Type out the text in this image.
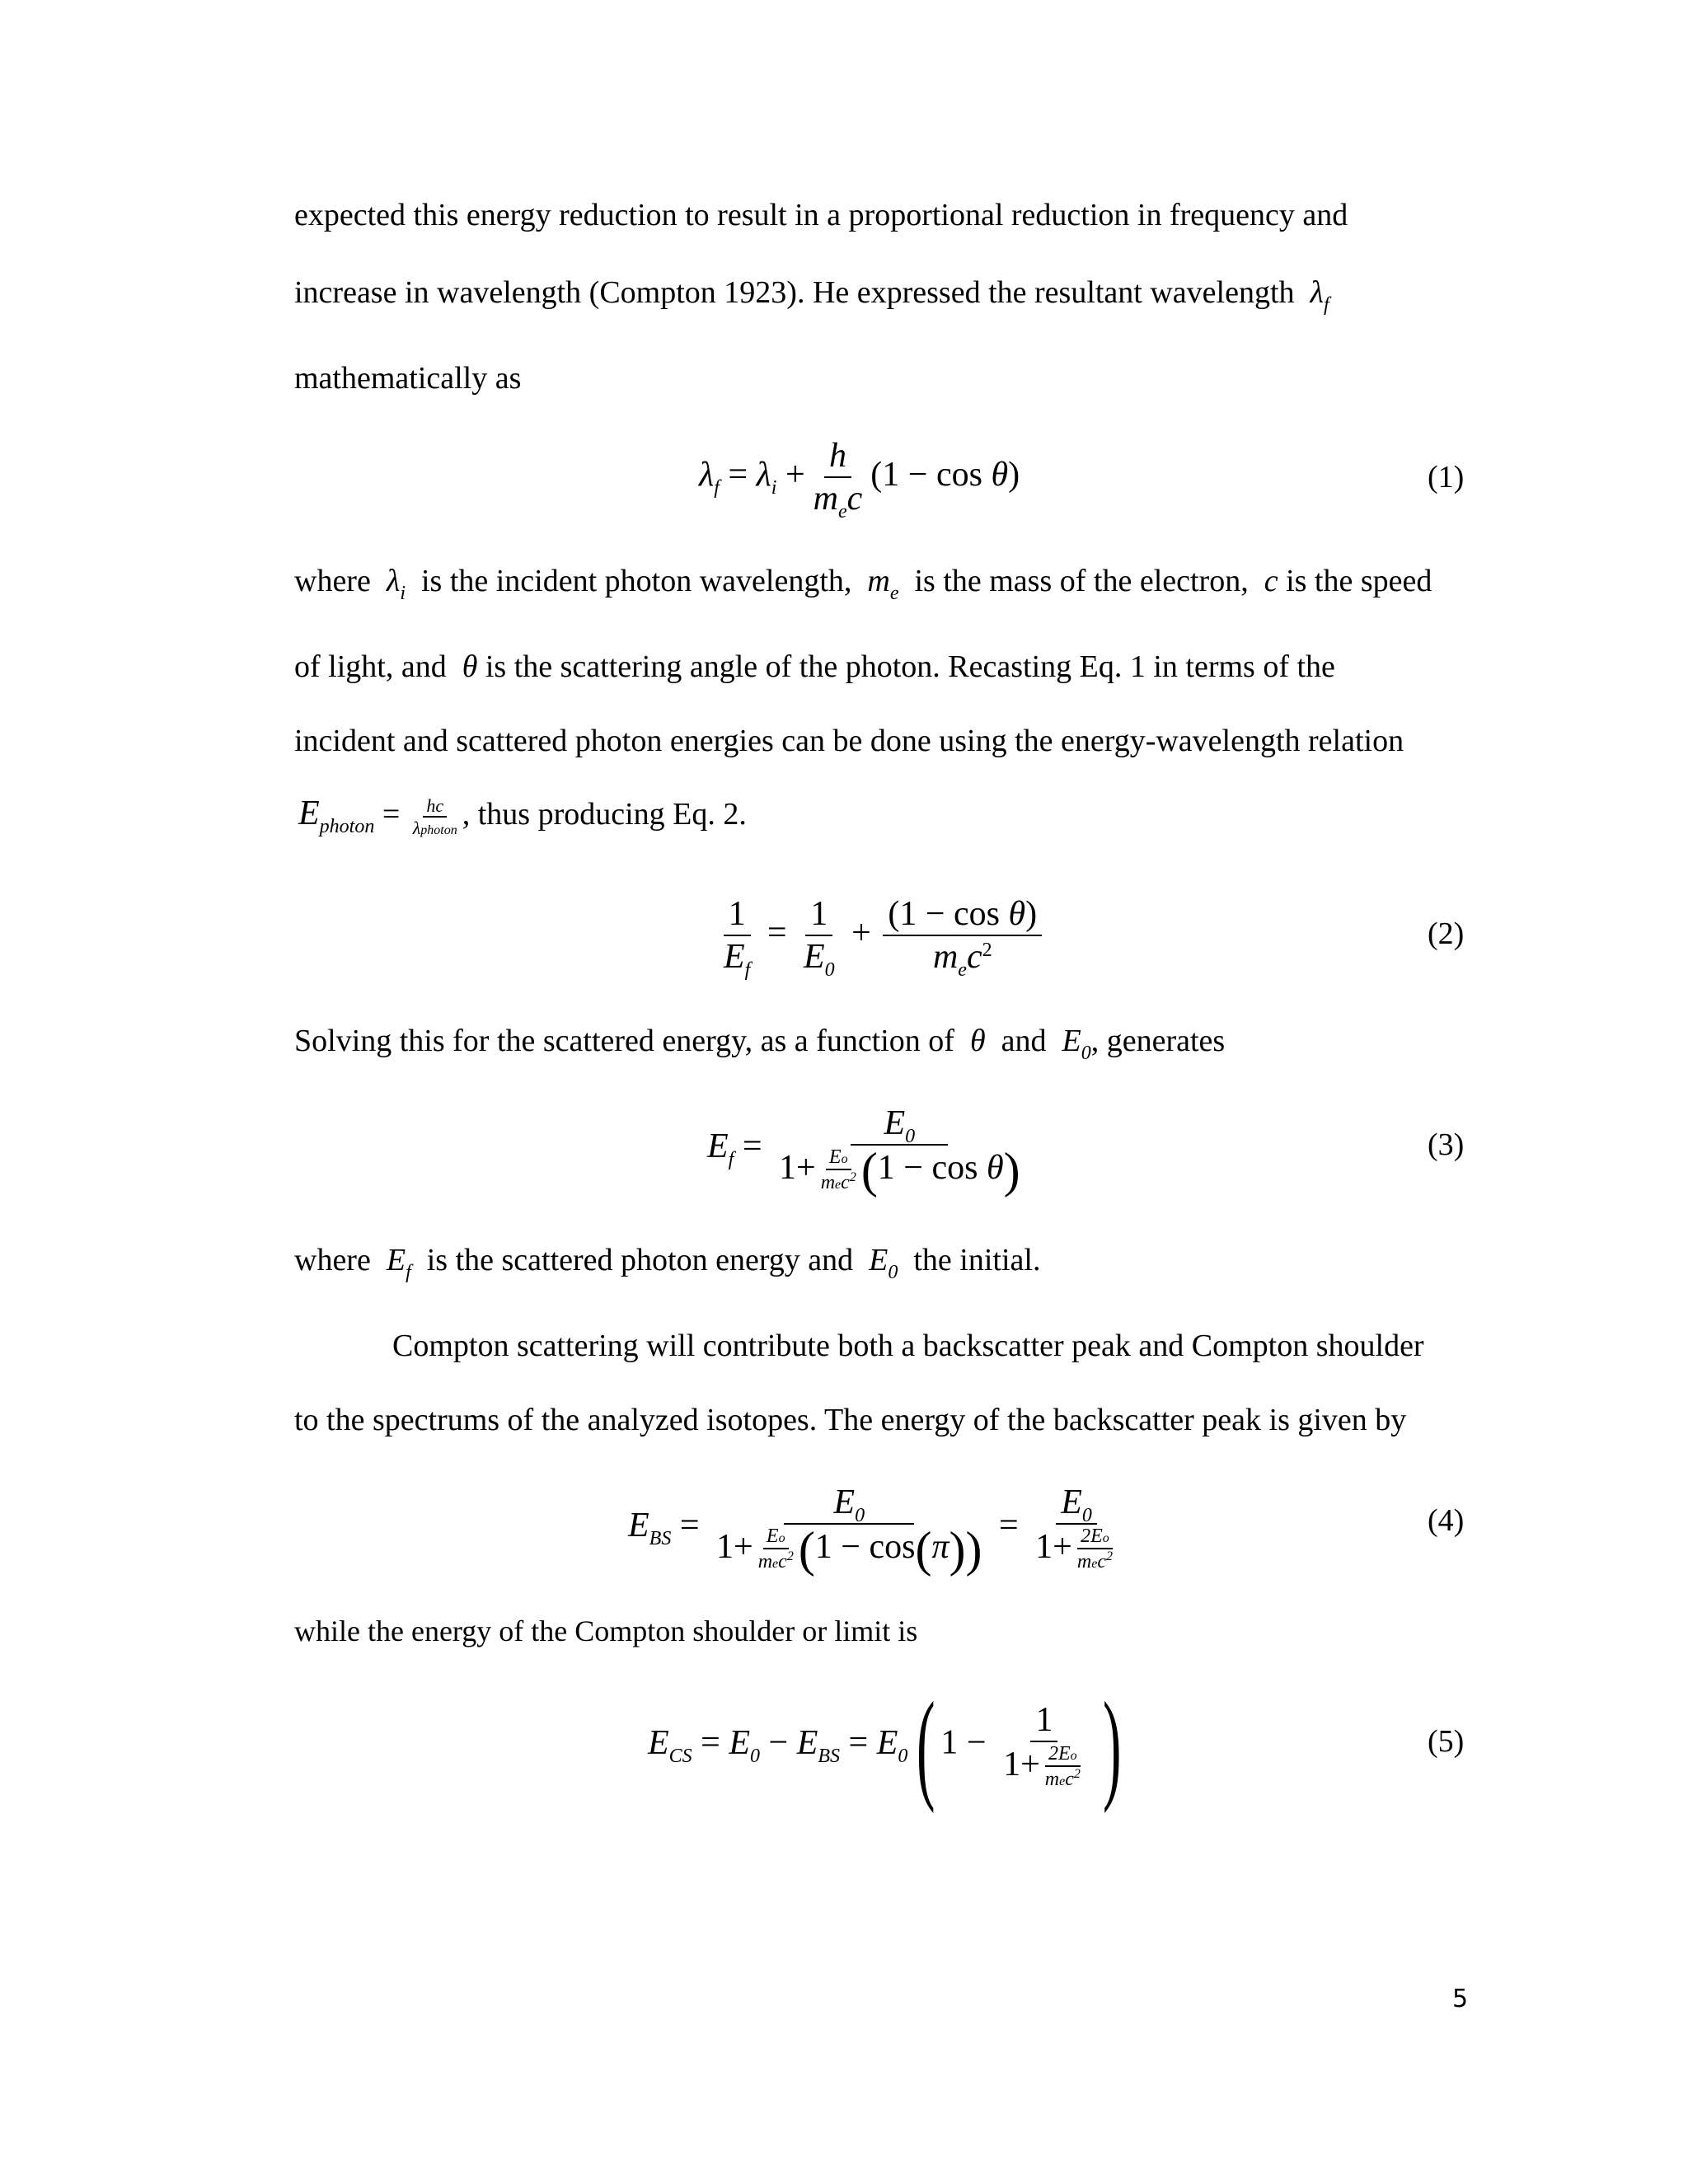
expected this energy reduction to result in a proportional reduction in frequency and
increase in wavelength (Compton 1923). He expressed the resultant wavelength $\lambda_f$
mathematically as
$\lambda_f = \lambda_i + \frac{h}{m_ec} (1 - \cos \theta)$	(1)
where $\lambda_i$ is the incident photon wavelength, $m_e$ is the mass of the electron, c is the speed
of light, and θ is the scattering angle of the photon. Recasting Eq. 1 in terms of the
incident and scattered photon energies can be done using the energy-wavelength relation
$E_{photon} = \frac{hc}{\text{λphoton}}$ , thus producing Eq. 2.
$\frac{1}{E_f} = \frac{1}{E_0} + \frac{\text{(1 − cos θ)}}{m_ec^2}$	(2)
Solving this for the scattered energy, as a function of θ and $E_0$, generates
$E_f = \frac{E_0}{1+ \frac{Eo}{mec^2} (1 - \cos \theta)}$	(3)
where $E_f$ is the scattered photon energy and $E_0$ the initial.
Compton scattering will contribute both a backscatter peak and Compton shoulder
to the spectrums of the analyzed isotopes. The energy of the backscatter peak is given by
$E_{BS} = \frac{E_0}{1+ \frac{Eo}{mec^2} (1 - \cos(\pi))} = \frac{E_0}{1+ \frac{2Eo}{mec^2}}$	(4)
while the energy of the Compton shoulder or limit is
$E_{CS} = E_0 - E_{BS} = E_0$( $1 - \frac{1}{1+ \frac{2Eo}{mec^2}}$ )	(5)
5
